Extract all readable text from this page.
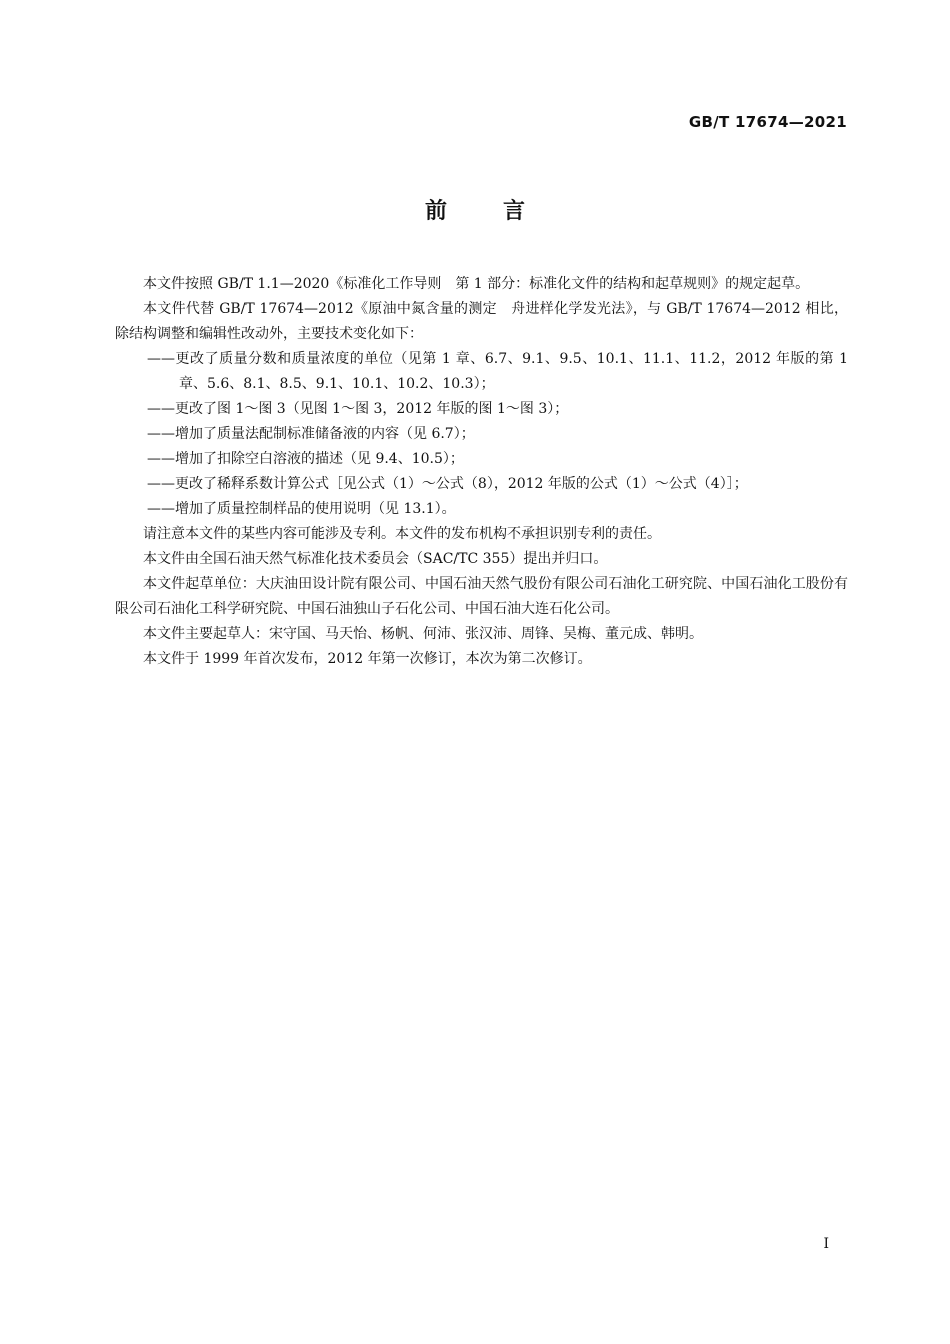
GB/T 17674—2021

前言

本文件按照 GB/T 1.1—2020《标准化工作导则　第 1 部分：标准化文件的结构和起草规则》的规定起草。

本文件代替 GB/T 17674—2012《原油中氮含量的测定　舟进样化学发光法》，与 GB/T 17674—2012 相比，除结构调整和编辑性改动外，主要技术变化如下：

——更改了质量分数和质量浓度的单位（见第 1 章、6.7、9.1、9.5、10.1、11.1、11.2，2012 年版的第 1 章、5.6、8.1、8.5、9.1、10.1、10.2、10.3）；

——更改了图 1～图 3（见图 1～图 3，2012 年版的图 1～图 3）；

——增加了质量法配制标准储备液的内容（见 6.7）；

——增加了扣除空白溶液的描述（见 9.4、10.5）；

——更改了稀释系数计算公式［见公式（1）～公式（8），2012 年版的公式（1）～公式（4）］；

——增加了质量控制样品的使用说明（见 13.1）。

请注意本文件的某些内容可能涉及专利。本文件的发布机构不承担识别专利的责任。

本文件由全国石油天然气标准化技术委员会（SAC/TC 355）提出并归口。

本文件起草单位：大庆油田设计院有限公司、中国石油天然气股份有限公司石油化工研究院、中国石油化工股份有限公司石油化工科学研究院、中国石油独山子石化公司、中国石油大连石化公司。

本文件主要起草人：宋守国、马天怡、杨帆、何沛、张汉沛、周锋、吴梅、董元成、韩明。

本文件于 1999 年首次发布，2012 年第一次修订，本次为第二次修订。

I
